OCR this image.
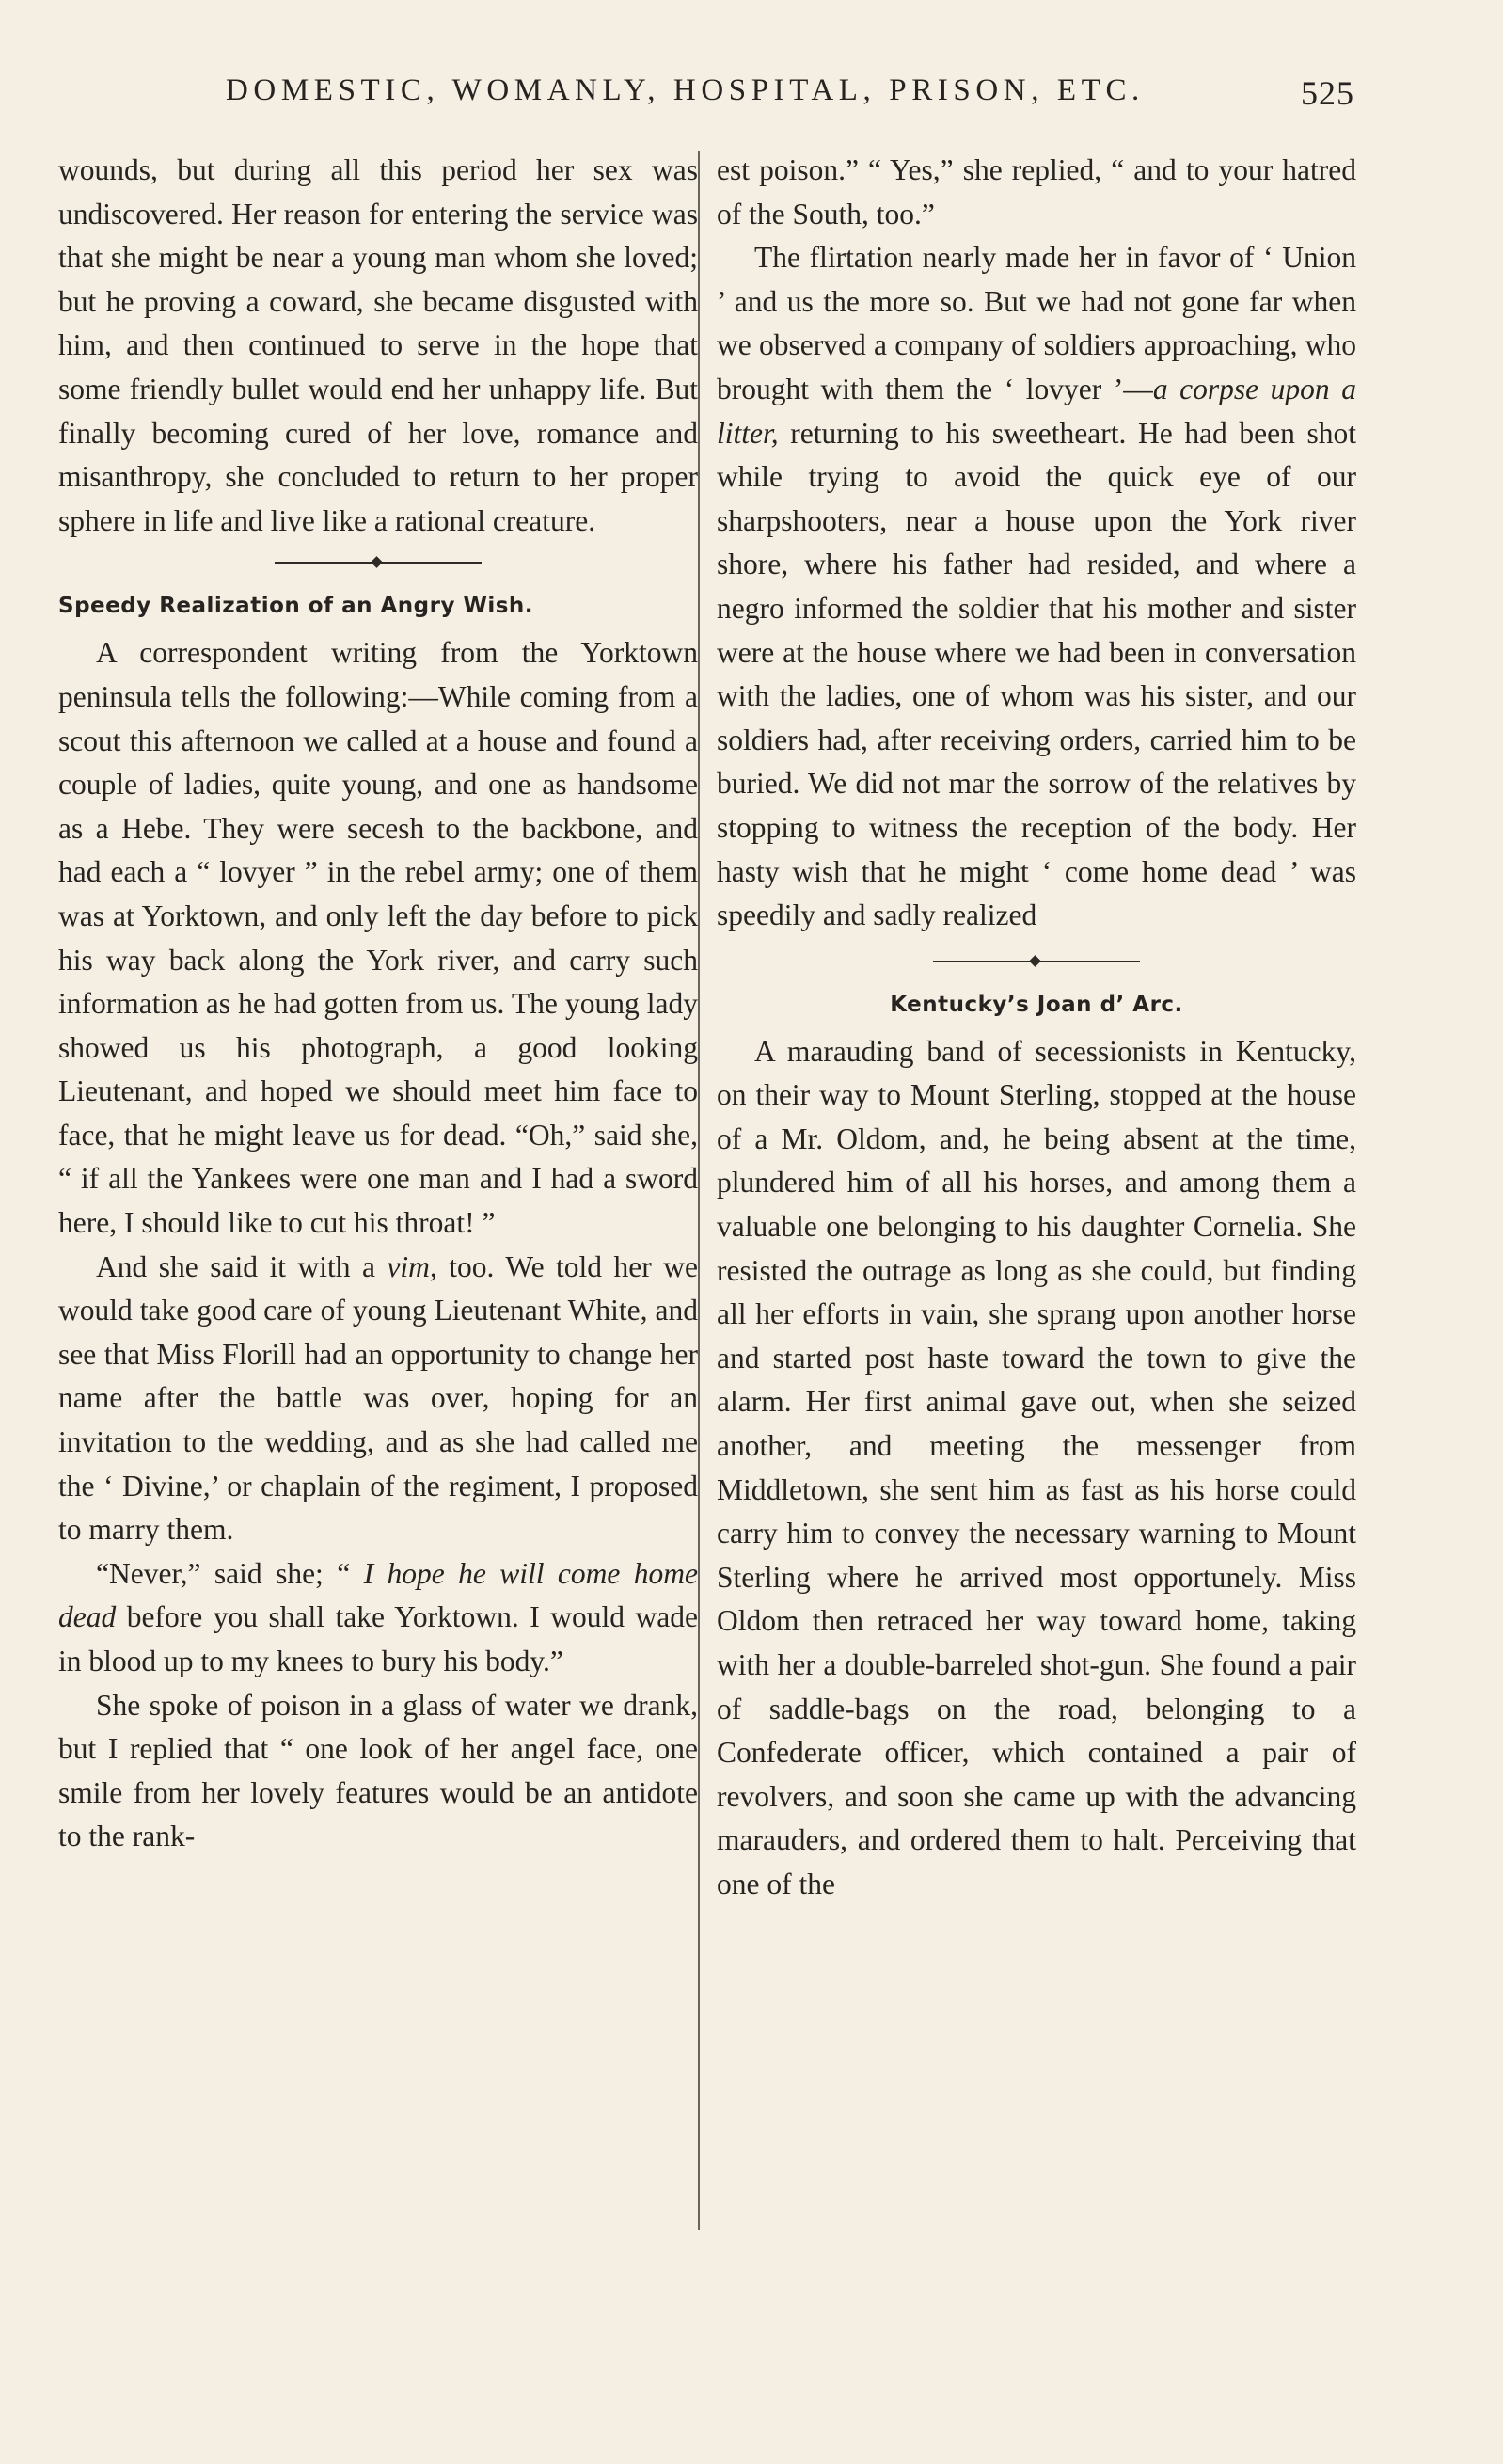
DOMESTIC, WOMANLY, HOSPITAL, PRISON, ETC.	525

wounds, but during all this period her sex was undiscovered. Her reason for entering the service was that she might be near a young man whom she loved; but he proving a coward, she became disgusted with him, and then continued to serve in the hope that some friendly bullet would end her unhappy life. But finally becoming cured of her love, romance and misanthropy, she concluded to return to her proper sphere in life and live like a rational creature.

Speedy Realization of an Angry Wish.

A correspondent writing from the Yorktown peninsula tells the following:—While coming from a scout this afternoon we called at a house and found a couple of ladies, quite young, and one as handsome as a Hebe. They were secesh to the backbone, and had each a “ lovyer ” in the rebel army; one of them was at Yorktown, and only left the day before to pick his way back along the York river, and carry such information as he had gotten from us. The young lady showed us his photograph, a good looking Lieutenant, and hoped we should meet him face to face, that he might leave us for dead. “Oh,” said she, “ if all the Yankees were one man and I had a sword here, I should like to cut his throat! ”

And she said it with a vim, too. We told her we would take good care of young Lieutenant White, and see that Miss Florill had an opportunity to change her name after the battle was over, hoping for an invitation to the wedding, and as she had called me the ‘ Divine,’ or chaplain of the regiment, I proposed to marry them.

“Never,” said she; “ I hope he will come home dead before you shall take Yorktown. I would wade in blood up to my knees to bury his body.”

She spoke of poison in a glass of water we drank, but I replied that “ one look of her angel face, one smile from her lovely features would be an antidote to the rank-

est poison.” “ Yes,” she replied, “ and to your hatred of the South, too.”

The flirtation nearly made her in favor of ‘ Union ’ and us the more so. But we had not gone far when we observed a company of soldiers approaching, who brought with them the ‘ lovyer ’—a corpse upon a litter, returning to his sweetheart. He had been shot while trying to avoid the quick eye of our sharpshooters, near a house upon the York river shore, where his father had resided, and where a negro informed the soldier that his mother and sister were at the house where we had been in conversation with the ladies, one of whom was his sister, and our soldiers had, after receiving orders, carried him to be buried. We did not mar the sorrow of the relatives by stopping to witness the reception of the body. Her hasty wish that he might ‘ come home dead ’ was speedily and sadly realized

Kentucky’s Joan d’ Arc.

A marauding band of secessionists in Kentucky, on their way to Mount Sterling, stopped at the house of a Mr. Oldom, and, he being absent at the time, plundered him of all his horses, and among them a valuable one belonging to his daughter Cornelia. She resisted the outrage as long as she could, but finding all her efforts in vain, she sprang upon another horse and started post haste toward the town to give the alarm. Her first animal gave out, when she seized another, and meeting the messenger from Middletown, she sent him as fast as his horse could carry him to convey the necessary warning to Mount Sterling where he arrived most opportunely. Miss Oldom then retraced her way toward home, taking with her a double-barreled shot-gun. She found a pair of saddle-bags on the road, belonging to a Confederate officer, which contained a pair of revolvers, and soon she came up with the advancing marauders, and ordered them to halt. Perceiving that one of the
